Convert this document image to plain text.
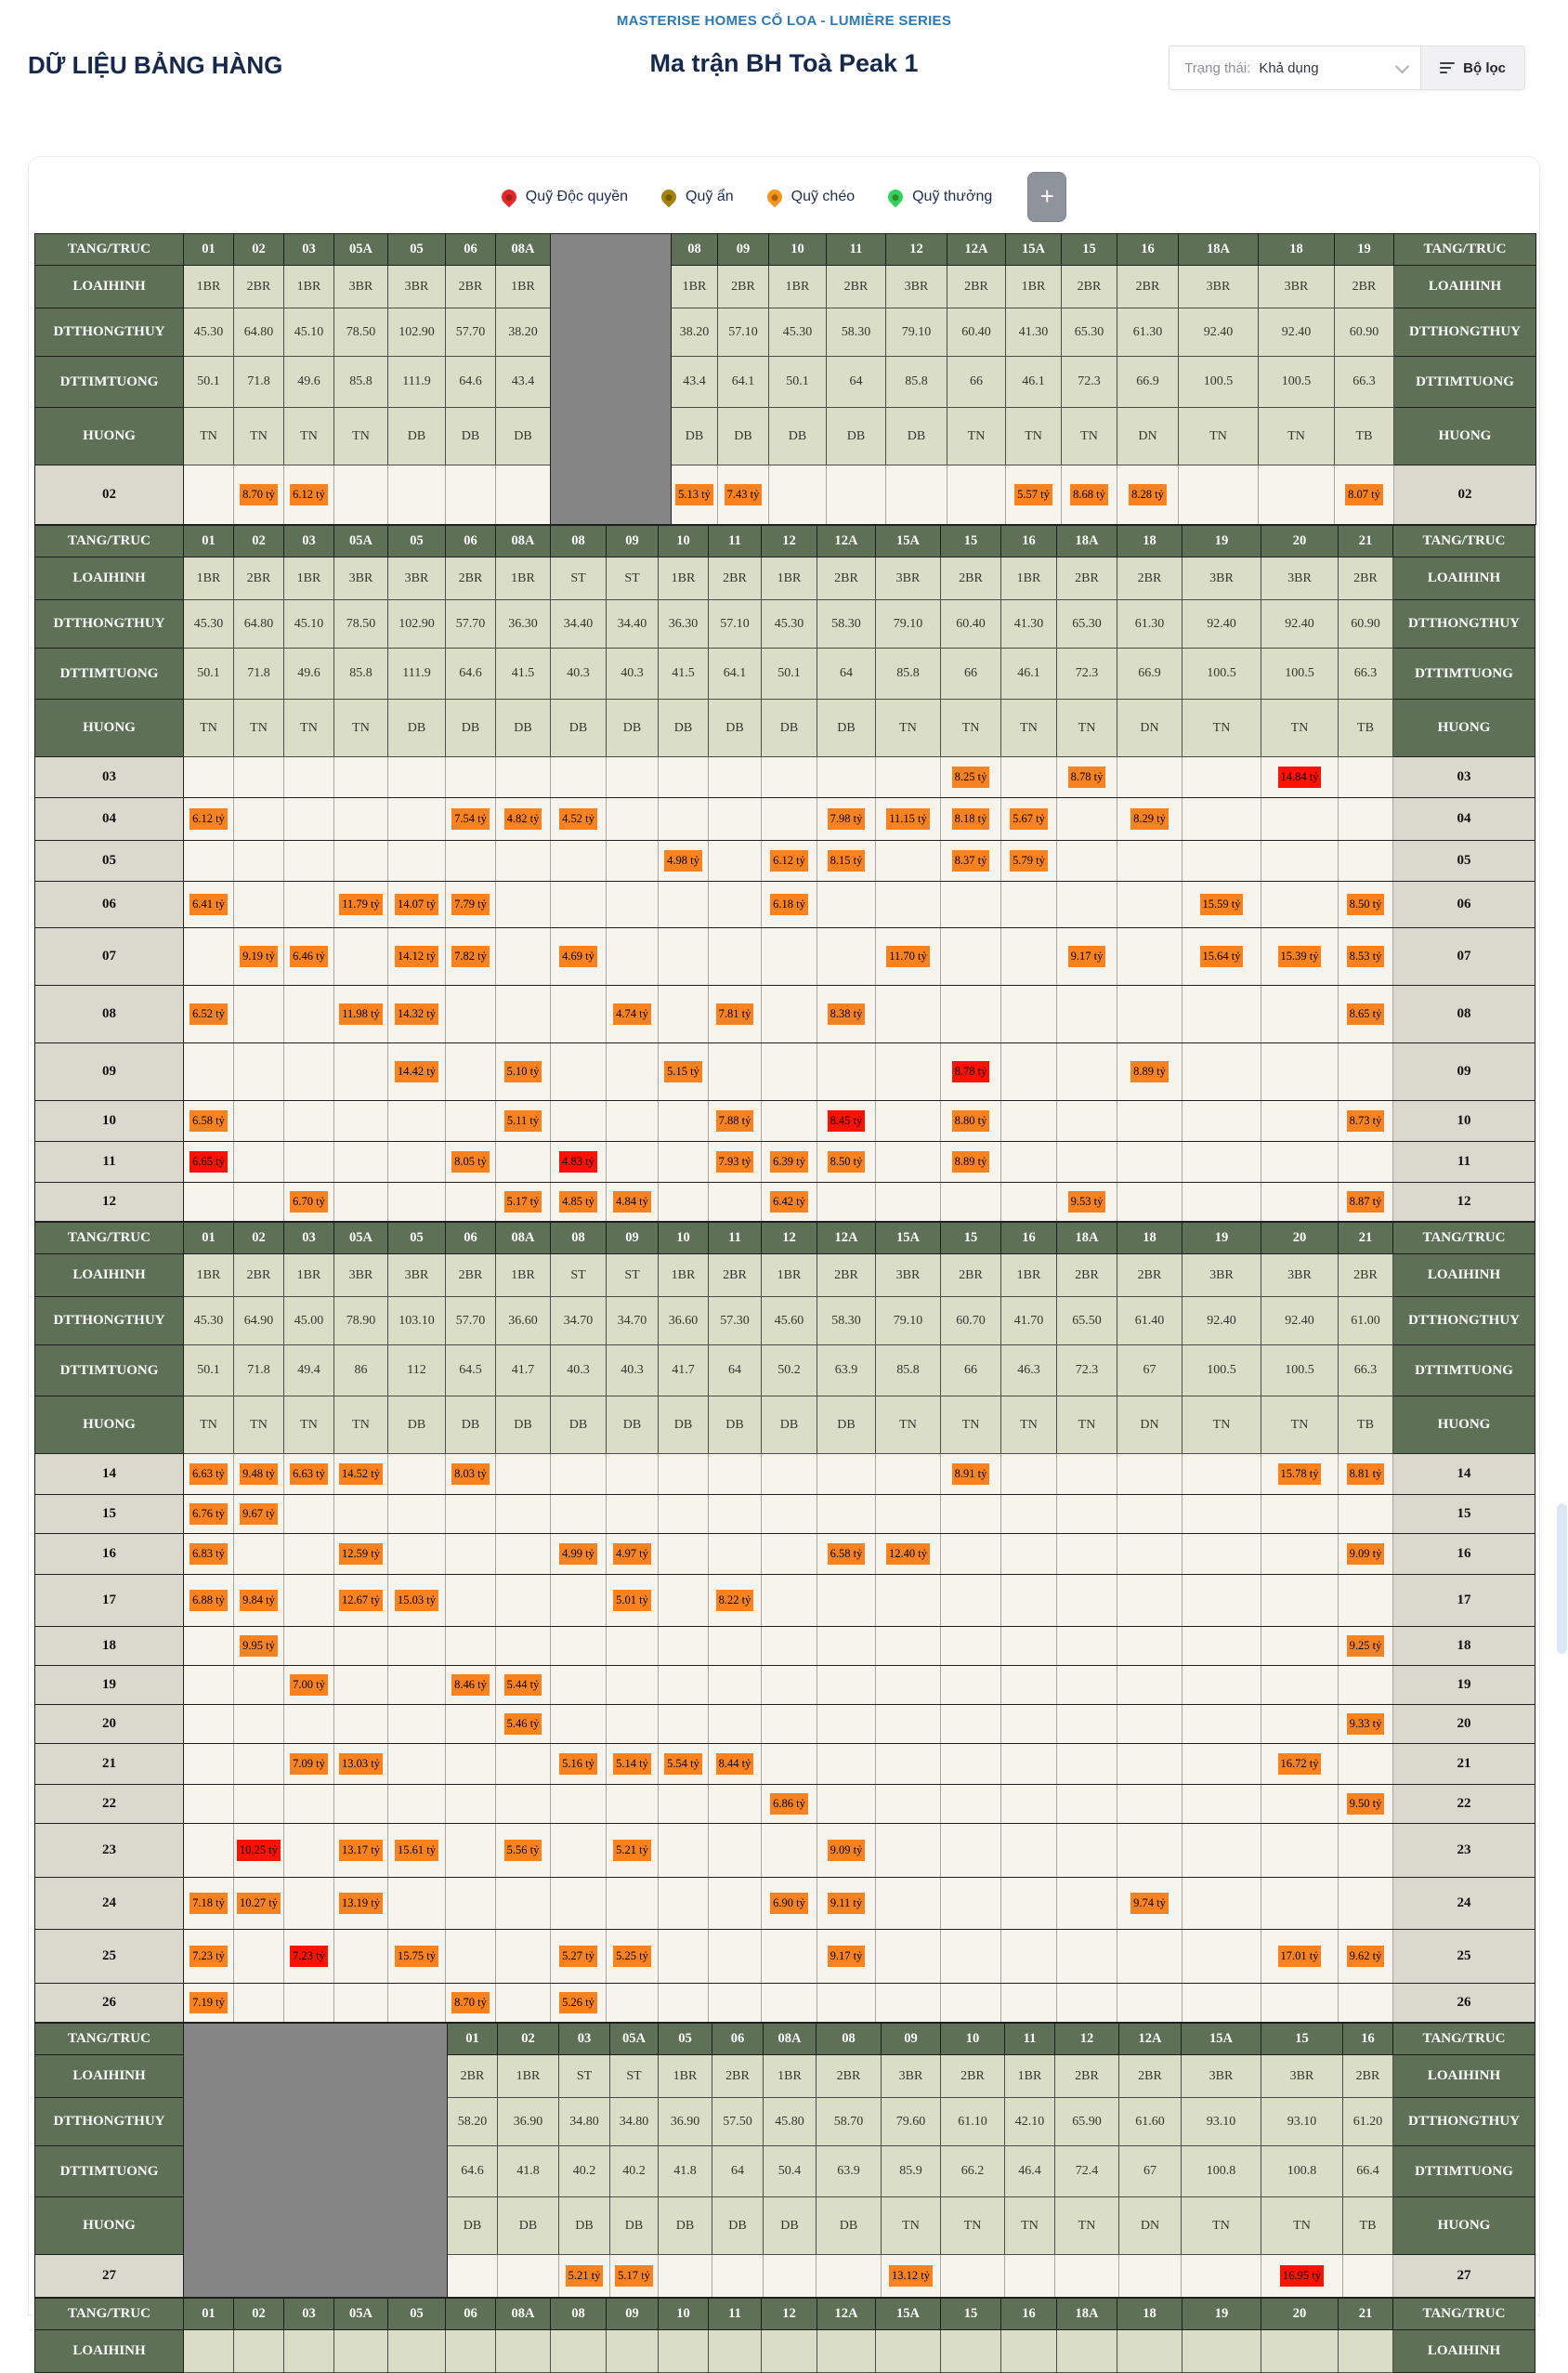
MASTERISE HOMES CỔ LOA - LUMIÈRE SERIES
DỮ LIỆU BẢNG HÀNG	Ma trận BH Toà Peak 1	Trạng thái: Khả dụng	Bộ lọc
Quỹ Độc quyền	Quỹ ẩn	Quỹ chéo	Quỹ thưởng	+
TANG/TRUC	01	02	03	05A	05	06	08A		08	09	10	11	12	12A	15A	15	16	18A	18	19	TANG/TRUC
LOAIHINH	1BR	2BR	1BR	3BR	3BR	2BR	1BR		1BR	2BR	1BR	2BR	3BR	2BR	1BR	2BR	2BR	3BR	3BR	2BR	LOAIHINH
DTTHONGTHUY	45.30	64.80	45.10	78.50	102.90	57.70	38.20		38.20	57.10	45.30	58.30	79.10	60.40	41.30	65.30	61.30	92.40	92.40	60.90	DTTHONGTHUY
DTTIMTUONG	50.1	71.8	49.6	85.8	111.9	64.6	43.4		43.4	64.1	50.1	64	85.8	66	46.1	72.3	66.9	100.5	100.5	66.3	DTTIMTUONG
HUONG	TN	TN	TN	TN	DB	DB	DB		DB	DB	DB	DB	DB	TN	TN	TN	DN	TN	TN	TB	HUONG
02		8.70 tỷ	6.12 tỷ						5.13 tỷ	7.43 tỷ					5.57 tỷ	8.68 tỷ	8.28 tỷ			8.07 tỷ	02
TANG/TRUC	01	02	03	05A	05	06	08A	08	09	10	11	12	12A	15A	15	16	18A	18	19	20	21	TANG/TRUC
LOAIHINH	1BR	2BR	1BR	3BR	3BR	2BR	1BR	ST	ST	1BR	2BR	1BR	2BR	3BR	2BR	1BR	2BR	2BR	3BR	3BR	2BR	LOAIHINH
DTTHONGTHUY	45.30	64.80	45.10	78.50	102.90	57.70	36.30	34.40	34.40	36.30	57.10	45.30	58.30	79.10	60.40	41.30	65.30	61.30	92.40	92.40	60.90	DTTHONGTHUY
DTTIMTUONG	50.1	71.8	49.6	85.8	111.9	64.6	41.5	40.3	40.3	41.5	64.1	50.1	64	85.8	66	46.1	72.3	66.9	100.5	100.5	66.3	DTTIMTUONG
HUONG	TN	TN	TN	TN	DB	DB	DB	DB	DB	DB	DB	DB	DB	TN	TN	TN	TN	DN	TN	TN	TB	HUONG
03															8.25 tỷ		8.78 tỷ			14.84 tỷ		03
04	6.12 tỷ					7.54 tỷ	4.82 tỷ	4.52 tỷ					7.98 tỷ	11.15 tỷ	8.18 tỷ	5.67 tỷ		8.29 tỷ				04
05										4.98 tỷ		6.12 tỷ	8.15 tỷ		8.37 tỷ	5.79 tỷ						05
06	6.41 tỷ			11.79 tỷ	14.07 tỷ	7.79 tỷ						6.18 tỷ							15.59 tỷ		8.50 tỷ	06
07		9.19 tỷ	6.46 tỷ		14.12 tỷ	7.82 tỷ		4.69 tỷ						11.70 tỷ			9.17 tỷ		15.64 tỷ	15.39 tỷ	8.53 tỷ	07
08	6.52 tỷ			11.98 tỷ	14.32 tỷ				4.74 tỷ		7.81 tỷ		8.38 tỷ								8.65 tỷ	08
09					14.42 tỷ		5.10 tỷ			5.15 tỷ					8.78 tỷ			8.89 tỷ				09
10	6.58 tỷ						5.11 tỷ				7.88 tỷ		8.45 tỷ		8.80 tỷ						8.73 tỷ	10
11	6.65 tỷ					8.05 tỷ		4.83 tỷ			7.93 tỷ	6.39 tỷ	8.50 tỷ		8.89 tỷ							11
12			6.70 tỷ				5.17 tỷ	4.85 tỷ	4.84 tỷ			6.42 tỷ					9.53 tỷ				8.87 tỷ	12
TANG/TRUC	01	02	03	05A	05	06	08A	08	09	10	11	12	12A	15A	15	16	18A	18	19	20	21	TANG/TRUC
LOAIHINH	1BR	2BR	1BR	3BR	3BR	2BR	1BR	ST	ST	1BR	2BR	1BR	2BR	3BR	2BR	1BR	2BR	2BR	3BR	3BR	2BR	LOAIHINH
DTTHONGTHUY	45.30	64.90	45.00	78.90	103.10	57.70	36.60	34.70	34.70	36.60	57.30	45.60	58.30	79.10	60.70	41.70	65.50	61.40	92.40	92.40	61.00	DTTHONGTHUY
DTTIMTUONG	50.1	71.8	49.4	86	112	64.5	41.7	40.3	40.3	41.7	64	50.2	63.9	85.8	66	46.3	72.3	67	100.5	100.5	66.3	DTTIMTUONG
HUONG	TN	TN	TN	TN	DB	DB	DB	DB	DB	DB	DB	DB	DB	TN	TN	TN	TN	DN	TN	TN	TB	HUONG
14	6.63 tỷ	9.48 tỷ	6.63 tỷ	14.52 tỷ		8.03 tỷ									8.91 tỷ					15.78 tỷ	8.81 tỷ	14
15	6.76 tỷ	9.67 tỷ																				15
16	6.83 tỷ			12.59 tỷ				4.99 tỷ	4.97 tỷ				6.58 tỷ	12.40 tỷ							9.09 tỷ	16
17	6.88 tỷ	9.84 tỷ		12.67 tỷ	15.03 tỷ				5.01 tỷ		8.22 tỷ											17
18		9.95 tỷ																			9.25 tỷ	18
19			7.00 tỷ			8.46 tỷ	5.44 tỷ															19
20							5.46 tỷ														9.33 tỷ	20
21			7.09 tỷ	13.03 tỷ				5.16 tỷ	5.14 tỷ	5.54 tỷ	8.44 tỷ									16.72 tỷ		21
22												6.86 tỷ									9.50 tỷ	22
23		10.25 tỷ		13.17 tỷ	15.61 tỷ		5.56 tỷ		5.21 tỷ				9.09 tỷ									23
24	7.18 tỷ	10.27 tỷ		13.19 tỷ								6.90 tỷ	9.11 tỷ					9.74 tỷ				24
25	7.23 tỷ		7.23 tỷ		15.75 tỷ			5.27 tỷ	5.25 tỷ				9.17 tỷ							17.01 tỷ	9.62 tỷ	25
26	7.19 tỷ					8.70 tỷ		5.26 tỷ														26
TANG/TRUC		01	02	03	05A	05	06	08A	08	09	10	11	12	12A	15A	15	16	TANG/TRUC
LOAIHINH		2BR	1BR	ST	ST	1BR	2BR	1BR	2BR	3BR	2BR	1BR	2BR	2BR	3BR	3BR	2BR	LOAIHINH
DTTHONGTHUY		58.20	36.90	34.80	34.80	36.90	57.50	45.80	58.70	79.60	61.10	42.10	65.90	61.60	93.10	93.10	61.20	DTTHONGTHUY
DTTIMTUONG		64.6	41.8	40.2	40.2	41.8	64	50.4	63.9	85.9	66.2	46.4	72.4	67	100.8	100.8	66.4	DTTIMTUONG
HUONG		DB	DB	DB	DB	DB	DB	DB	DB	TN	TN	TN	TN	DN	TN	TN	TB	HUONG
27				5.21 tỷ	5.17 tỷ					13.12 tỷ						16.95 tỷ		27
TANG/TRUC	01	02	03	05A	05	06	08A	08	09	10	11	12	12A	15A	15	16	18A	18	19	20	21	TANG/TRUC
LOAIHINH																						LOAIHINH
